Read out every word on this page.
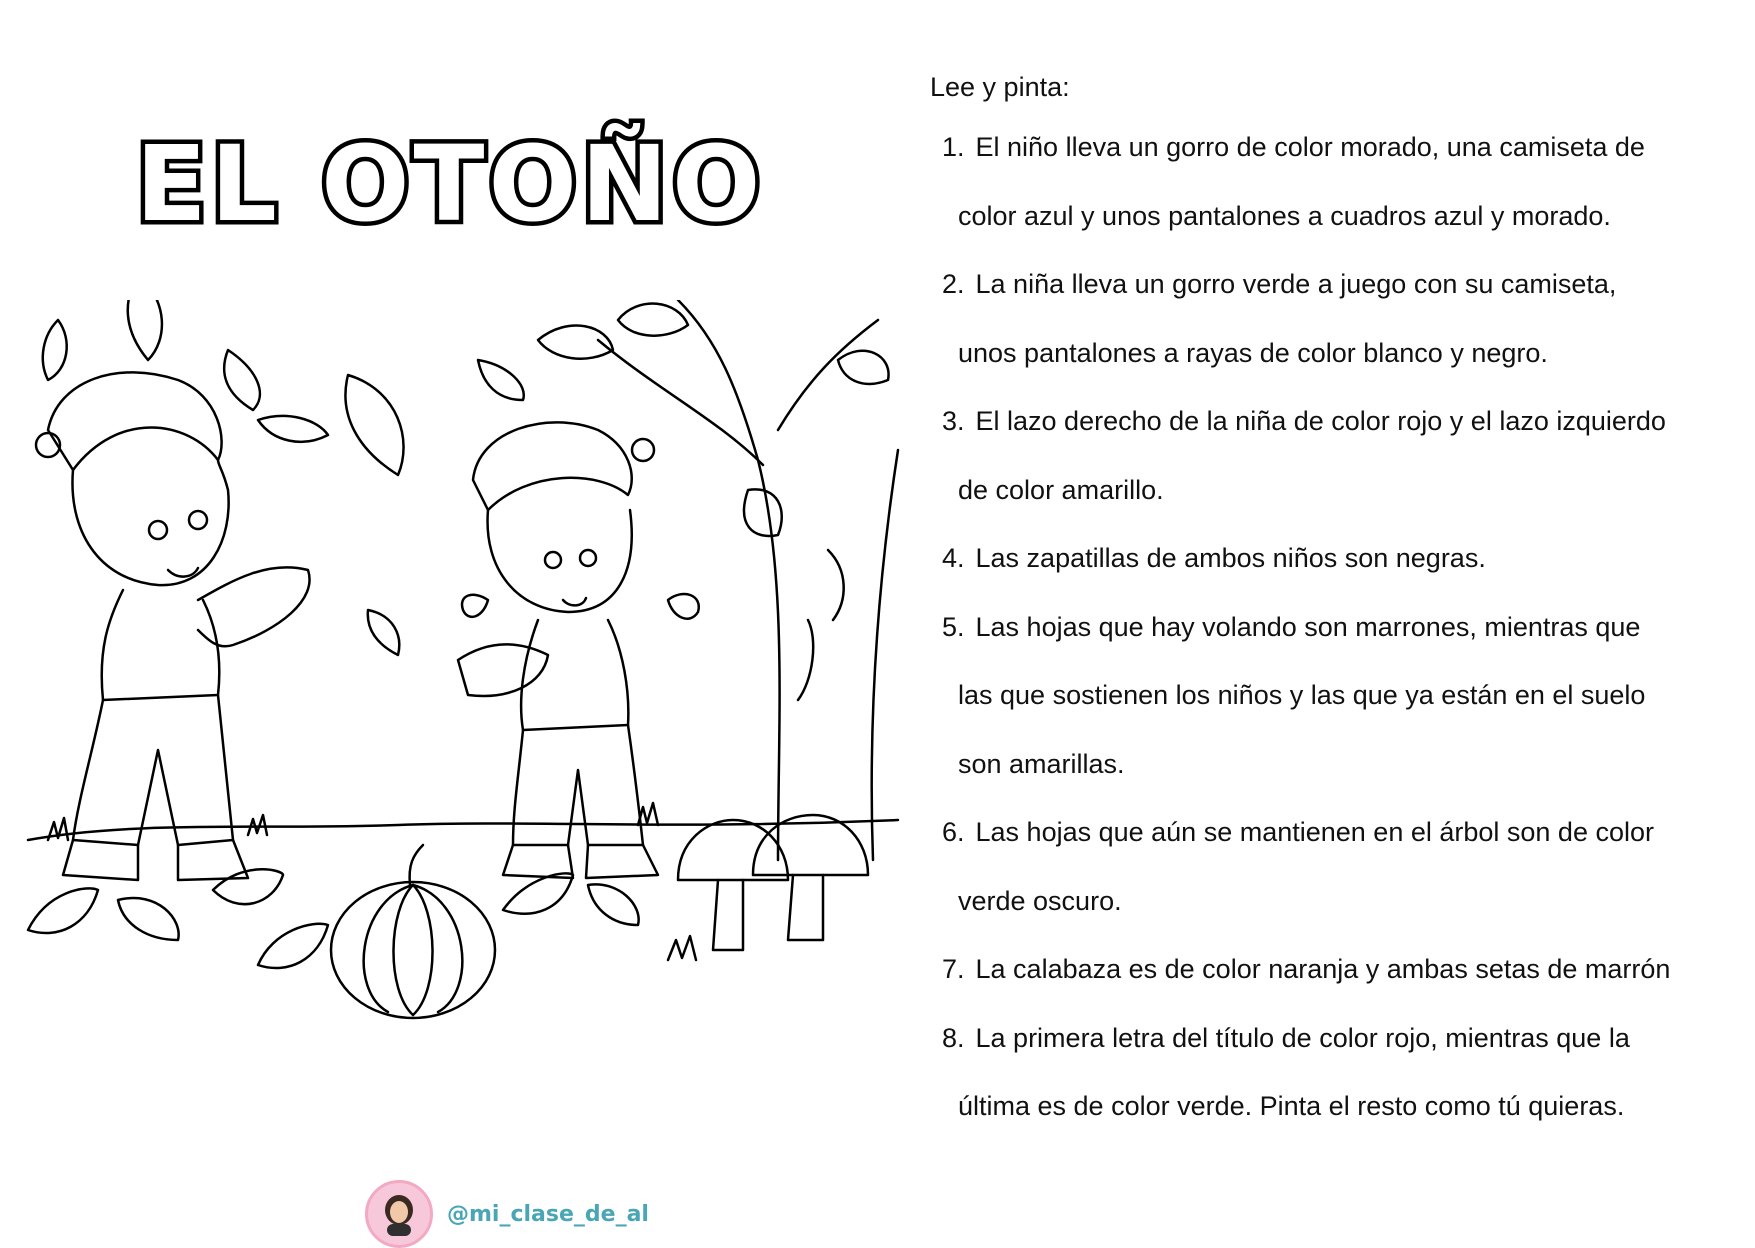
EL OTOÑO

Lee y pinta:

1. El niño lleva un gorro de color morado, una camiseta de
color azul y unos pantalones a cuadros azul y morado.
2. La niña lleva un gorro verde a juego con su camiseta,
unos pantalones a rayas de color blanco y negro.
3. El lazo derecho de la niña de color rojo y el lazo izquierdo
de color amarillo.
4. Las zapatillas de ambos niños son negras.
5. Las hojas que hay volando son marrones, mientras que
las que sostienen los niños y las que ya están en el suelo
son amarillas.
6. Las hojas que aún se mantienen en el árbol son de color
verde oscuro.
7. La calabaza es de color naranja y ambas setas de marrón
8. La primera letra del título de color rojo, mientras que la
última es de color verde. Pinta el resto como tú quieras.
@mi_clase_de_al
